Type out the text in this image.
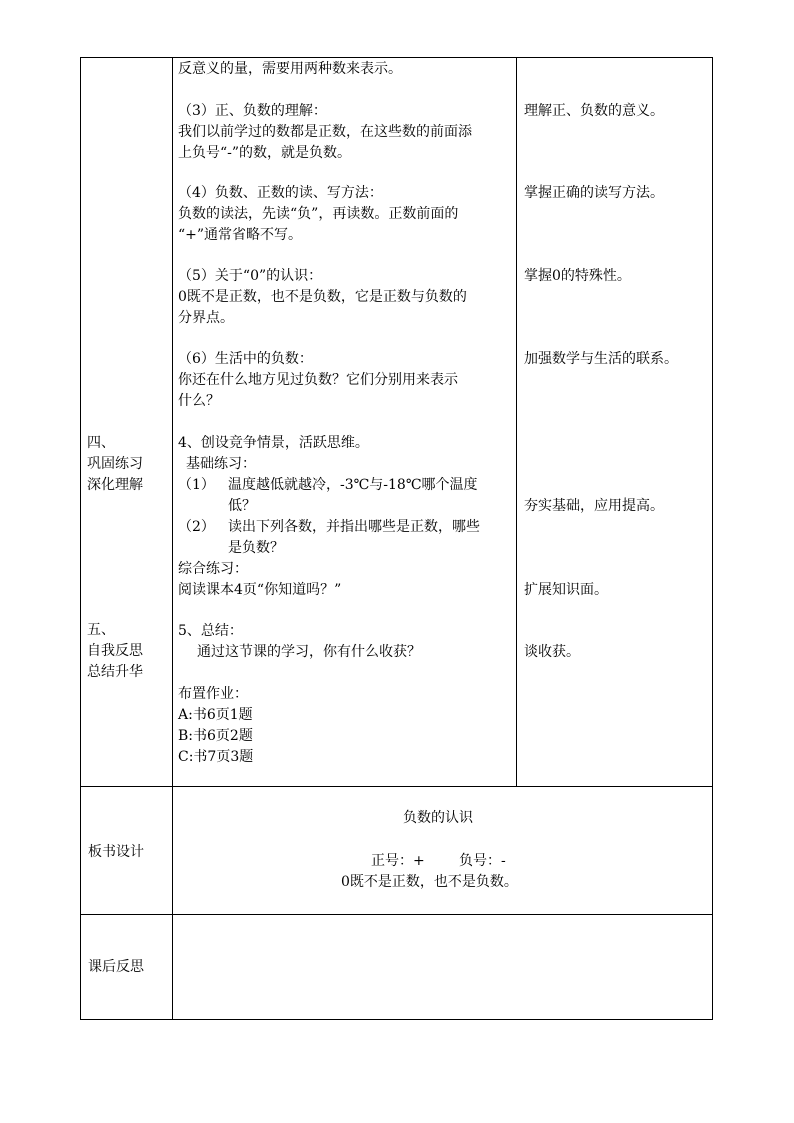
四、
巩固练习
深化理解
五、
自我反思
总结升华
反意义的量，需要用两种数来表示。
（3）正、负数的理解：
我们以前学过的数都是正数，在这些数的前面添
上负号“-”的数，就是负数。
（4）负数、正数的读、写方法：
负数的读法，先读“负”，再读数。正数前面的
“+”通常省略不写。
（5）关于“0”的认识：
0既不是正数，也不是负数，它是正数与负数的
分界点。
（6）生活中的负数：
你还在什么地方见过负数？它们分别用来表示
什么？
4、创设竞争情景，活跃思维。
基础练习：
（1） 温度越低就越冷，-3℃与-18℃哪个温度
低？
（2） 读出下列各数，并指出哪些是正数，哪些
是负数？
综合练习：
阅读课本4页“你知道吗？”
5、总结：
通过这节课的学习，你有什么收获？
布置作业：
A:书6页1题
B:书6页2题
C:书7页3题
理解正、负数的意义。
掌握正确的读写方法。
掌握0的特殊性。
加强数学与生活的联系。
夯实基础，应用提高。
扩展知识面。
谈收获。
板书设计
负数的认识
正号：+ 负号：-
0既不是正数，也不是负数。
课后反思
